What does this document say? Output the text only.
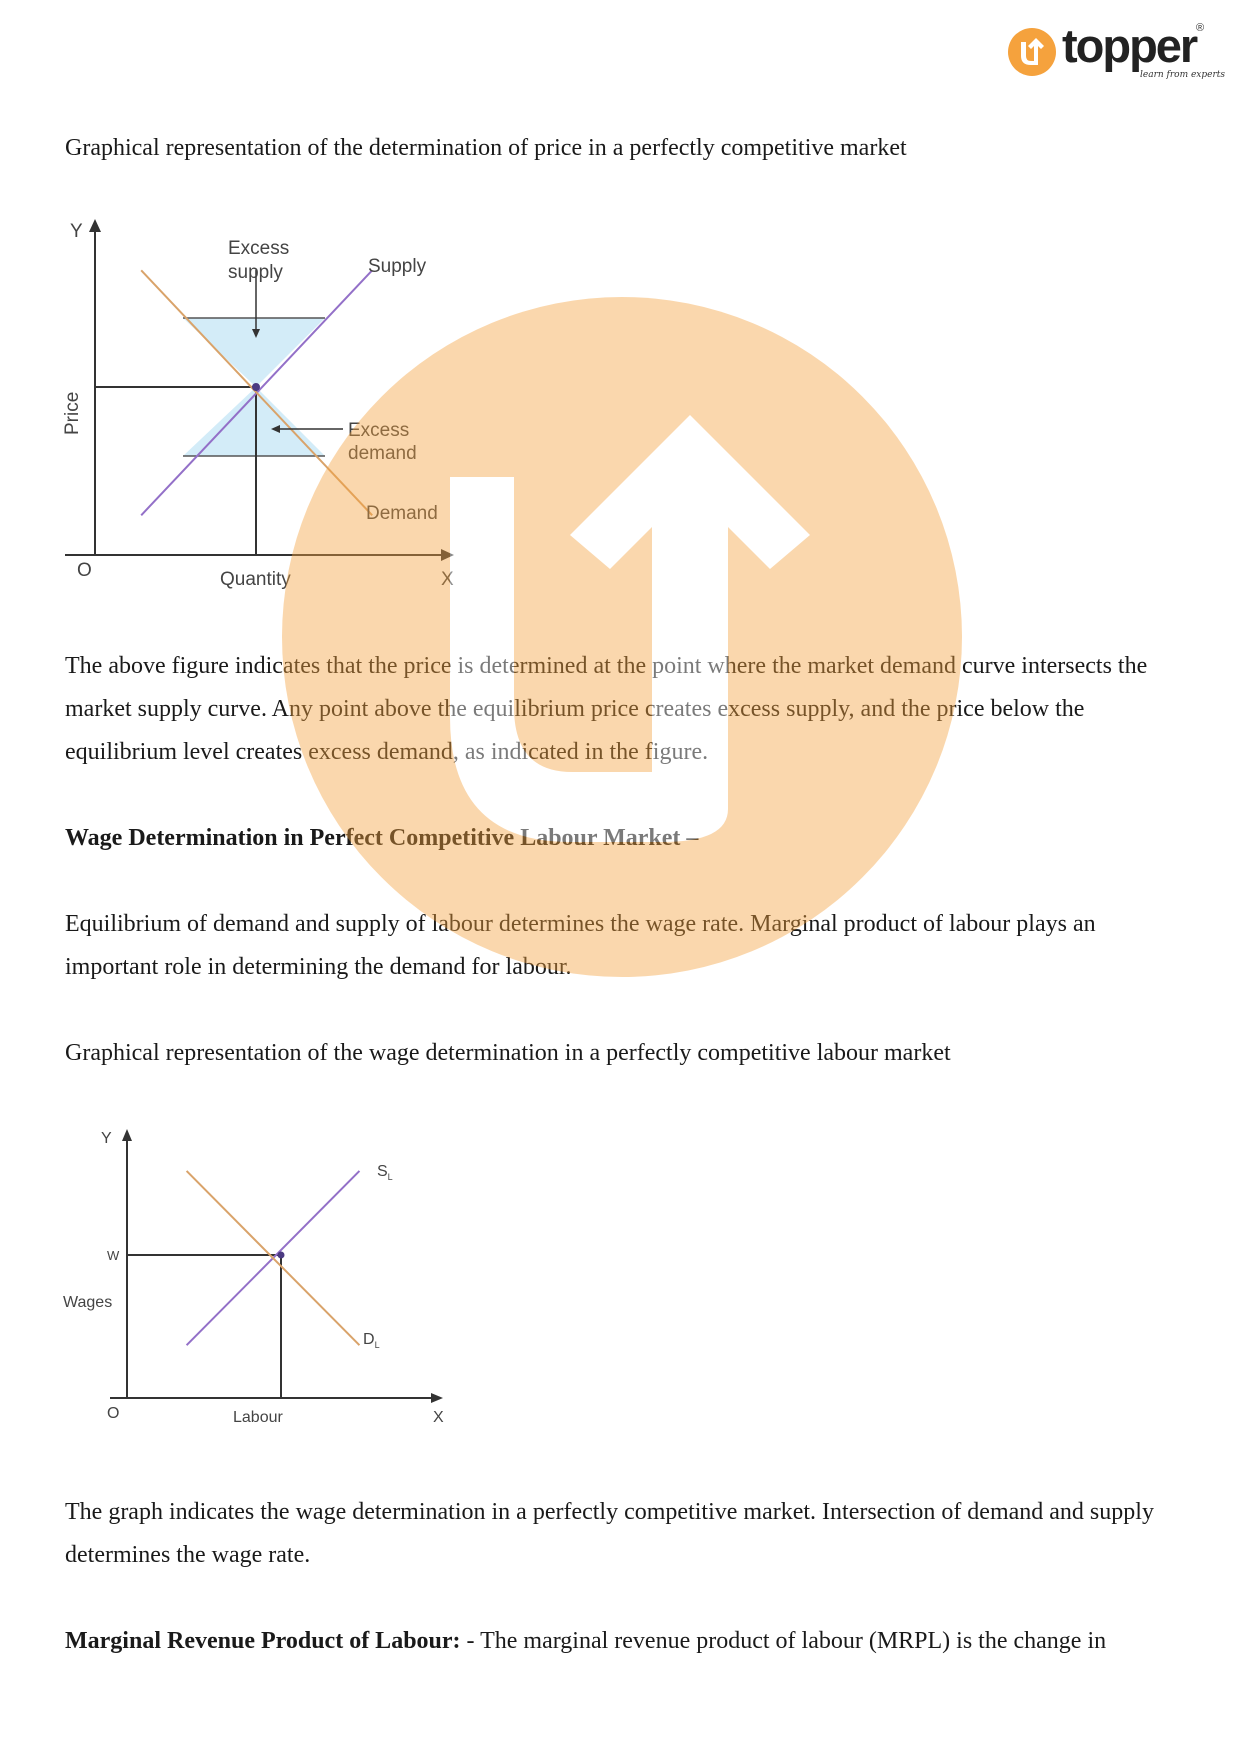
topper
learn from experts
®

Graphical representation of the determination of price in a perfectly competitive market

Y
X
O
Price
Quantity
Excess
supply	Supply
Excess
demand
Demand

The above figure indicates that the price is determined at the point where the market demand curve intersects the market supply curve. Any point above the equilibrium price creates excess supply, and the price below the equilibrium level creates excess demand, as indicated in the figure.

Wage Determination in Perfect Competitive Labour Market –

Equilibrium of demand and supply of labour determines the wage rate. Marginal product of labour plays an important role in determining the demand for labour.

Graphical representation of the wage determination in a perfectly competitive labour market

Y
X
O
W
Wages
Labour
$S_L$
$D_L$

The graph indicates the wage determination in a perfectly competitive market. Intersection of demand and supply determines the wage rate.

Marginal Revenue Product of Labour: - The marginal revenue product of labour (MRPL) is the change in
